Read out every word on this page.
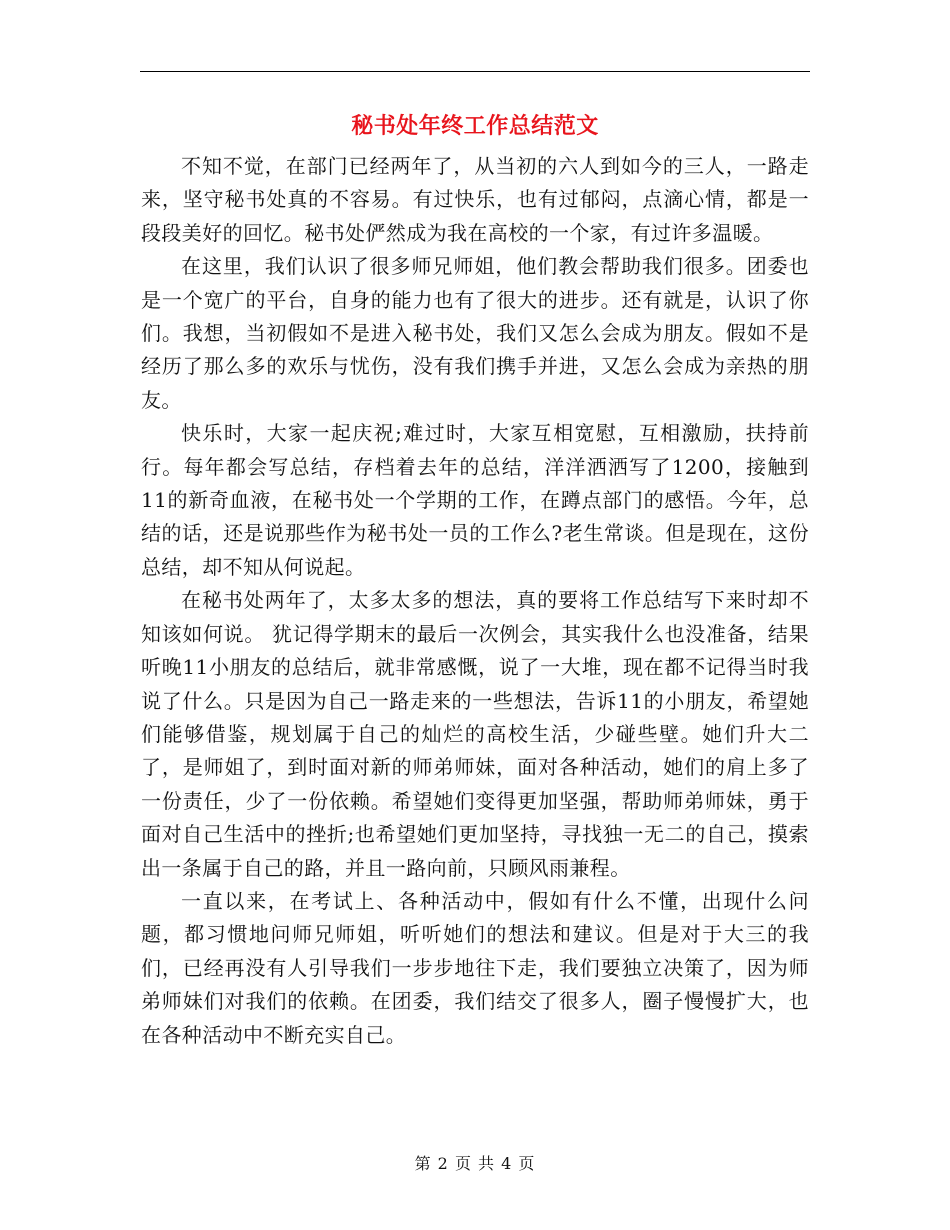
秘书处年终工作总结范文

不知不觉，在部门已经两年了，从当初的六人到如今的三人，一路走来，坚守秘书处真的不容易。有过快乐，也有过郁闷，点滴心情，都是一段段美好的回忆。秘书处俨然成为我在高校的一个家，有过许多温暖。

在这里，我们认识了很多师兄师姐，他们教会帮助我们很多。团委也是一个宽广的平台，自身的能力也有了很大的进步。还有就是，认识了你们。我想，当初假如不是进入秘书处，我们又怎么会成为朋友。假如不是经历了那么多的欢乐与忧伤，没有我们携手并进，又怎么会成为亲热的朋友。

快乐时，大家一起庆祝;难过时，大家互相宽慰，互相激励，扶持前行。每年都会写总结，存档着去年的总结，洋洋洒洒写了1200，接触到11的新奇血液，在秘书处一个学期的工作，在蹲点部门的感悟。今年，总结的话，还是说那些作为秘书处一员的工作么?老生常谈。但是现在，这份总结，却不知从何说起。

在秘书处两年了，太多太多的想法，真的要将工作总结写下来时却不知该如何说。 犹记得学期末的最后一次例会，其实我什么也没准备，结果听晚11小朋友的总结后，就非常感慨，说了一大堆，现在都不记得当时我说了什么。只是因为自己一路走来的一些想法，告诉11的小朋友，希望她们能够借鉴，规划属于自己的灿烂的高校生活，少碰些壁。她们升大二了，是师姐了，到时面对新的师弟师妹，面对各种活动，她们的肩上多了一份责任，少了一份依赖。希望她们变得更加坚强，帮助师弟师妹，勇于面对自己生活中的挫折;也希望她们更加坚持，寻找独一无二的自己，摸索出一条属于自己的路，并且一路向前，只顾风雨兼程。

一直以来，在考试上、各种活动中，假如有什么不懂，出现什么问题，都习惯地问师兄师姐，听听她们的想法和建议。但是对于大三的我们，已经再没有人引导我们一步步地往下走，我们要独立决策了，因为师弟师妹们对我们的依赖。在团委，我们结交了很多人，圈子慢慢扩大，也在各种活动中不断充实自己。

第 2 页 共 4 页
